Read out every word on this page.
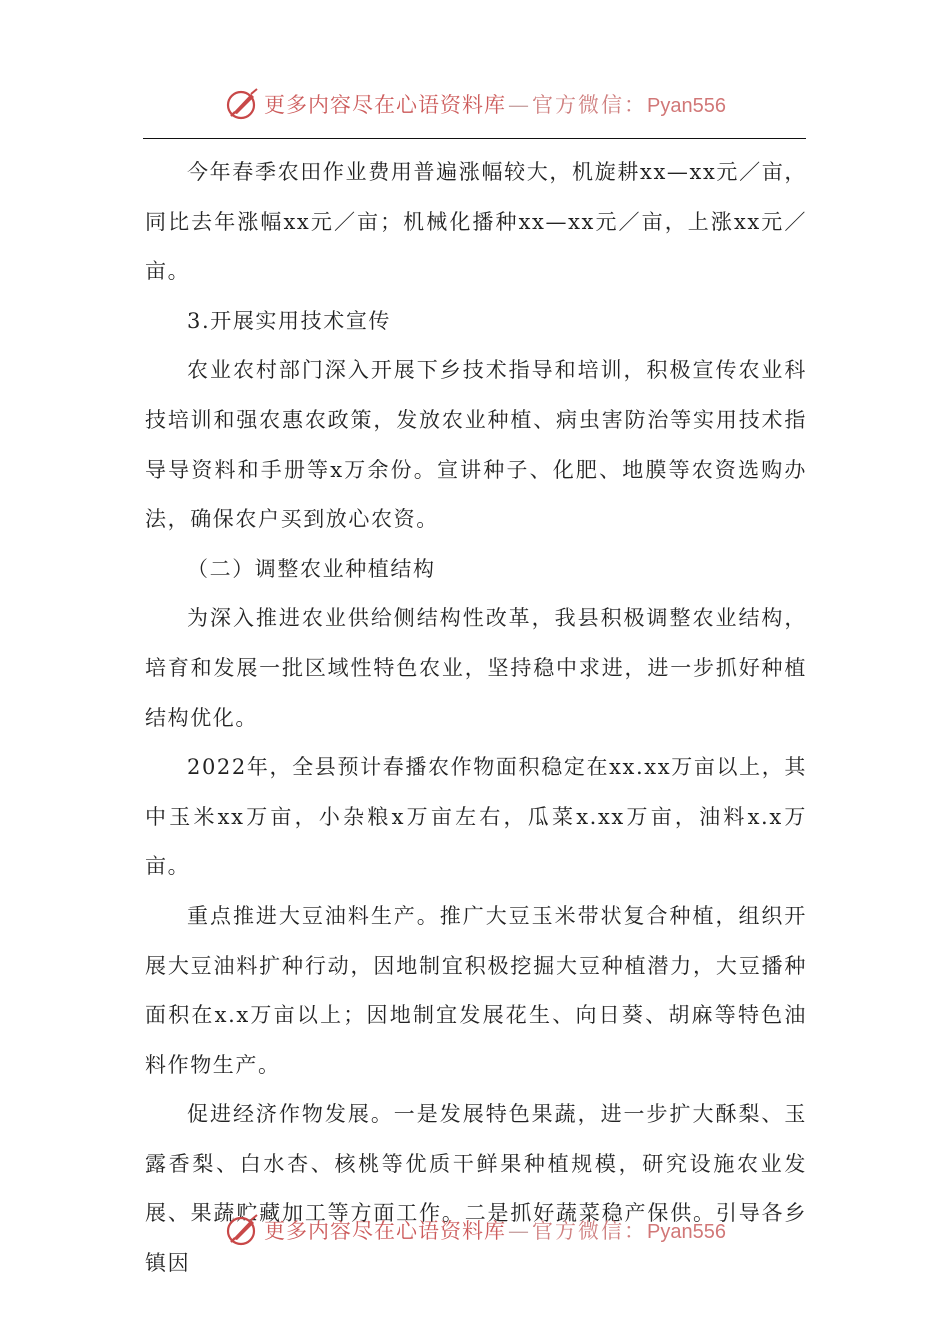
更多内容尽在心语资料库 — 官方微信： Pyan556

今年春季农田作业费用普遍涨幅较大，机旋耕xx—xx元／亩，同比去年涨幅xx元／亩；机械化播种xx—xx元／亩，上涨xx元／亩。

3.开展实用技术宣传

农业农村部门深入开展下乡技术指导和培训，积极宣传农业科技培训和强农惠农政策，发放农业种植、病虫害防治等实用技术指导导资料和手册等x万余份。宣讲种子、化肥、地膜等农资选购办法，确保农户买到放心农资。

（二）调整农业种植结构

为深入推进农业供给侧结构性改革，我县积极调整农业结构，培育和发展一批区域性特色农业，坚持稳中求进，进一步抓好种植结构优化。

2022年，全县预计春播农作物面积稳定在xx.xx万亩以上，其中玉米xx万亩，小杂粮x万亩左右，瓜菜x.xx万亩，油料x.x万亩。

重点推进大豆油料生产。推广大豆玉米带状复合种植，组织开展大豆油料扩种行动，因地制宜积极挖掘大豆种植潜力，大豆播种面积在x.x万亩以上；因地制宜发展花生、向日葵、胡麻等特色油料作物生产。

促进经济作物发展。一是发展特色果蔬，进一步扩大酥梨、玉露香梨、白水杏、核桃等优质干鲜果种植规模，研究设施农业发展、果蔬贮藏加工等方面工作。二是抓好蔬菜稳产保供。引导各乡镇因

更多内容尽在心语资料库 — 官方微信： Pyan556
